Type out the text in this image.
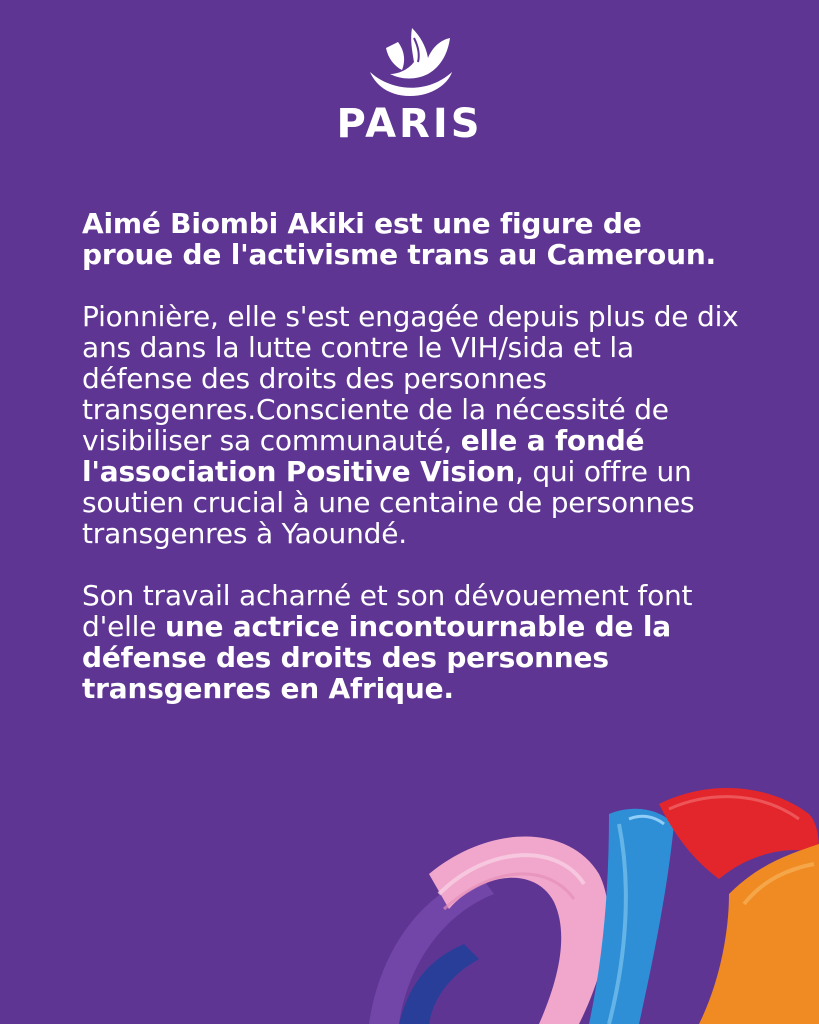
PARIS

Aimé Biombi Akiki est une figure de proue de l'activisme trans au Cameroun.

Pionnière, elle s'est engagée depuis plus de dix ans dans la lutte contre le VIH/sida et la défense des droits des personnes transgenres.Consciente de la nécessité de visibiliser sa communauté, elle a fondé l'association Positive Vision, qui offre un soutien crucial à une centaine de personnes transgenres à Yaoundé.

Son travail acharné et son dévouement font d'elle une actrice incontournable de la défense des droits des personnes transgenres en Afrique.
